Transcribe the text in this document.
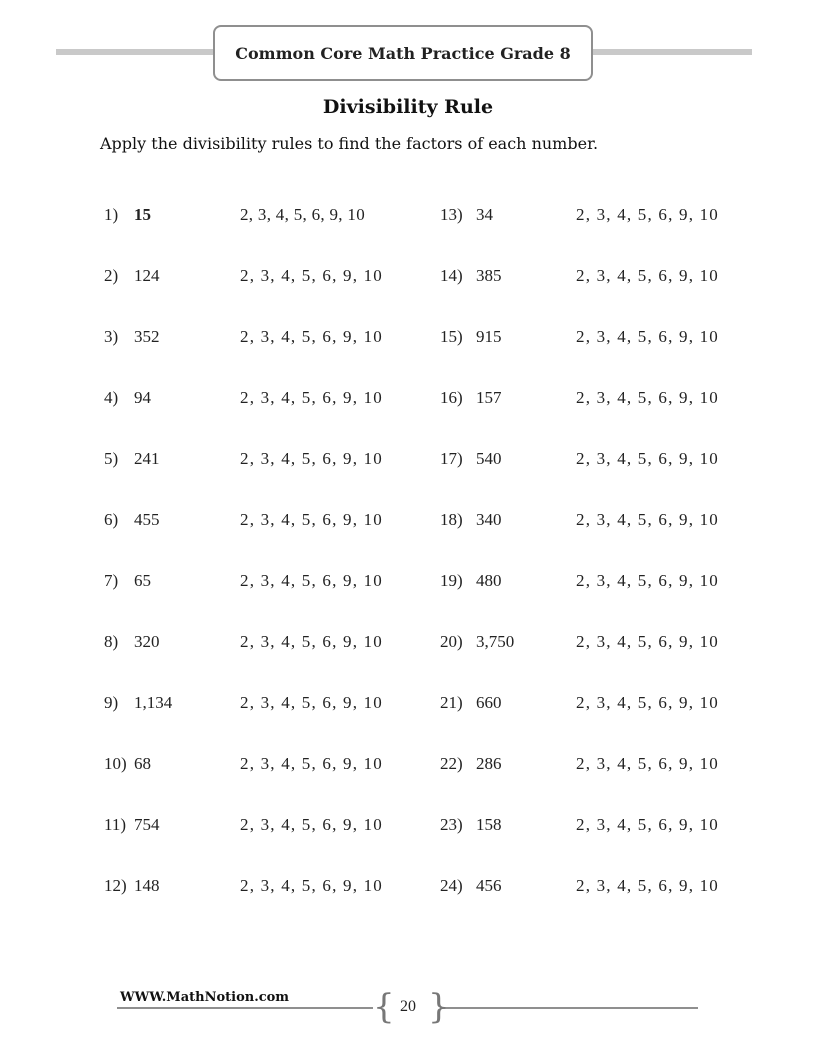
Common Core Math Practice Grade 8
Divisibility Rule
Apply the divisibility rules to find the factors of each number.
1) 15	2, 3, 4, 5, 6, 9, 10	13) 34	2, 3, 4, 5, 6, 9, 10
2) 124	2, 3, 4, 5, 6, 9, 10	14) 385	2, 3, 4, 5, 6, 9, 10
3) 352	2, 3, 4, 5, 6, 9, 10	15) 915	2, 3, 4, 5, 6, 9, 10
4) 94	2, 3, 4, 5, 6, 9, 10	16) 157	2, 3, 4, 5, 6, 9, 10
5) 241	2, 3, 4, 5, 6, 9, 10	17) 540	2, 3, 4, 5, 6, 9, 10
6) 455	2, 3, 4, 5, 6, 9, 10	18) 340	2, 3, 4, 5, 6, 9, 10
7) 65	2, 3, 4, 5, 6, 9, 10	19) 480	2, 3, 4, 5, 6, 9, 10
8) 320	2, 3, 4, 5, 6, 9, 10	20) 3,750	2, 3, 4, 5, 6, 9, 10
9) 1,134	2, 3, 4, 5, 6, 9, 10	21) 660	2, 3, 4, 5, 6, 9, 10
10) 68	2, 3, 4, 5, 6, 9, 10	22) 286	2, 3, 4, 5, 6, 9, 10
11) 754	2, 3, 4, 5, 6, 9, 10	23) 158	2, 3, 4, 5, 6, 9, 10
12) 148	2, 3, 4, 5, 6, 9, 10	24) 456	2, 3, 4, 5, 6, 9, 10
WWW.MathNotion.com { }
20
